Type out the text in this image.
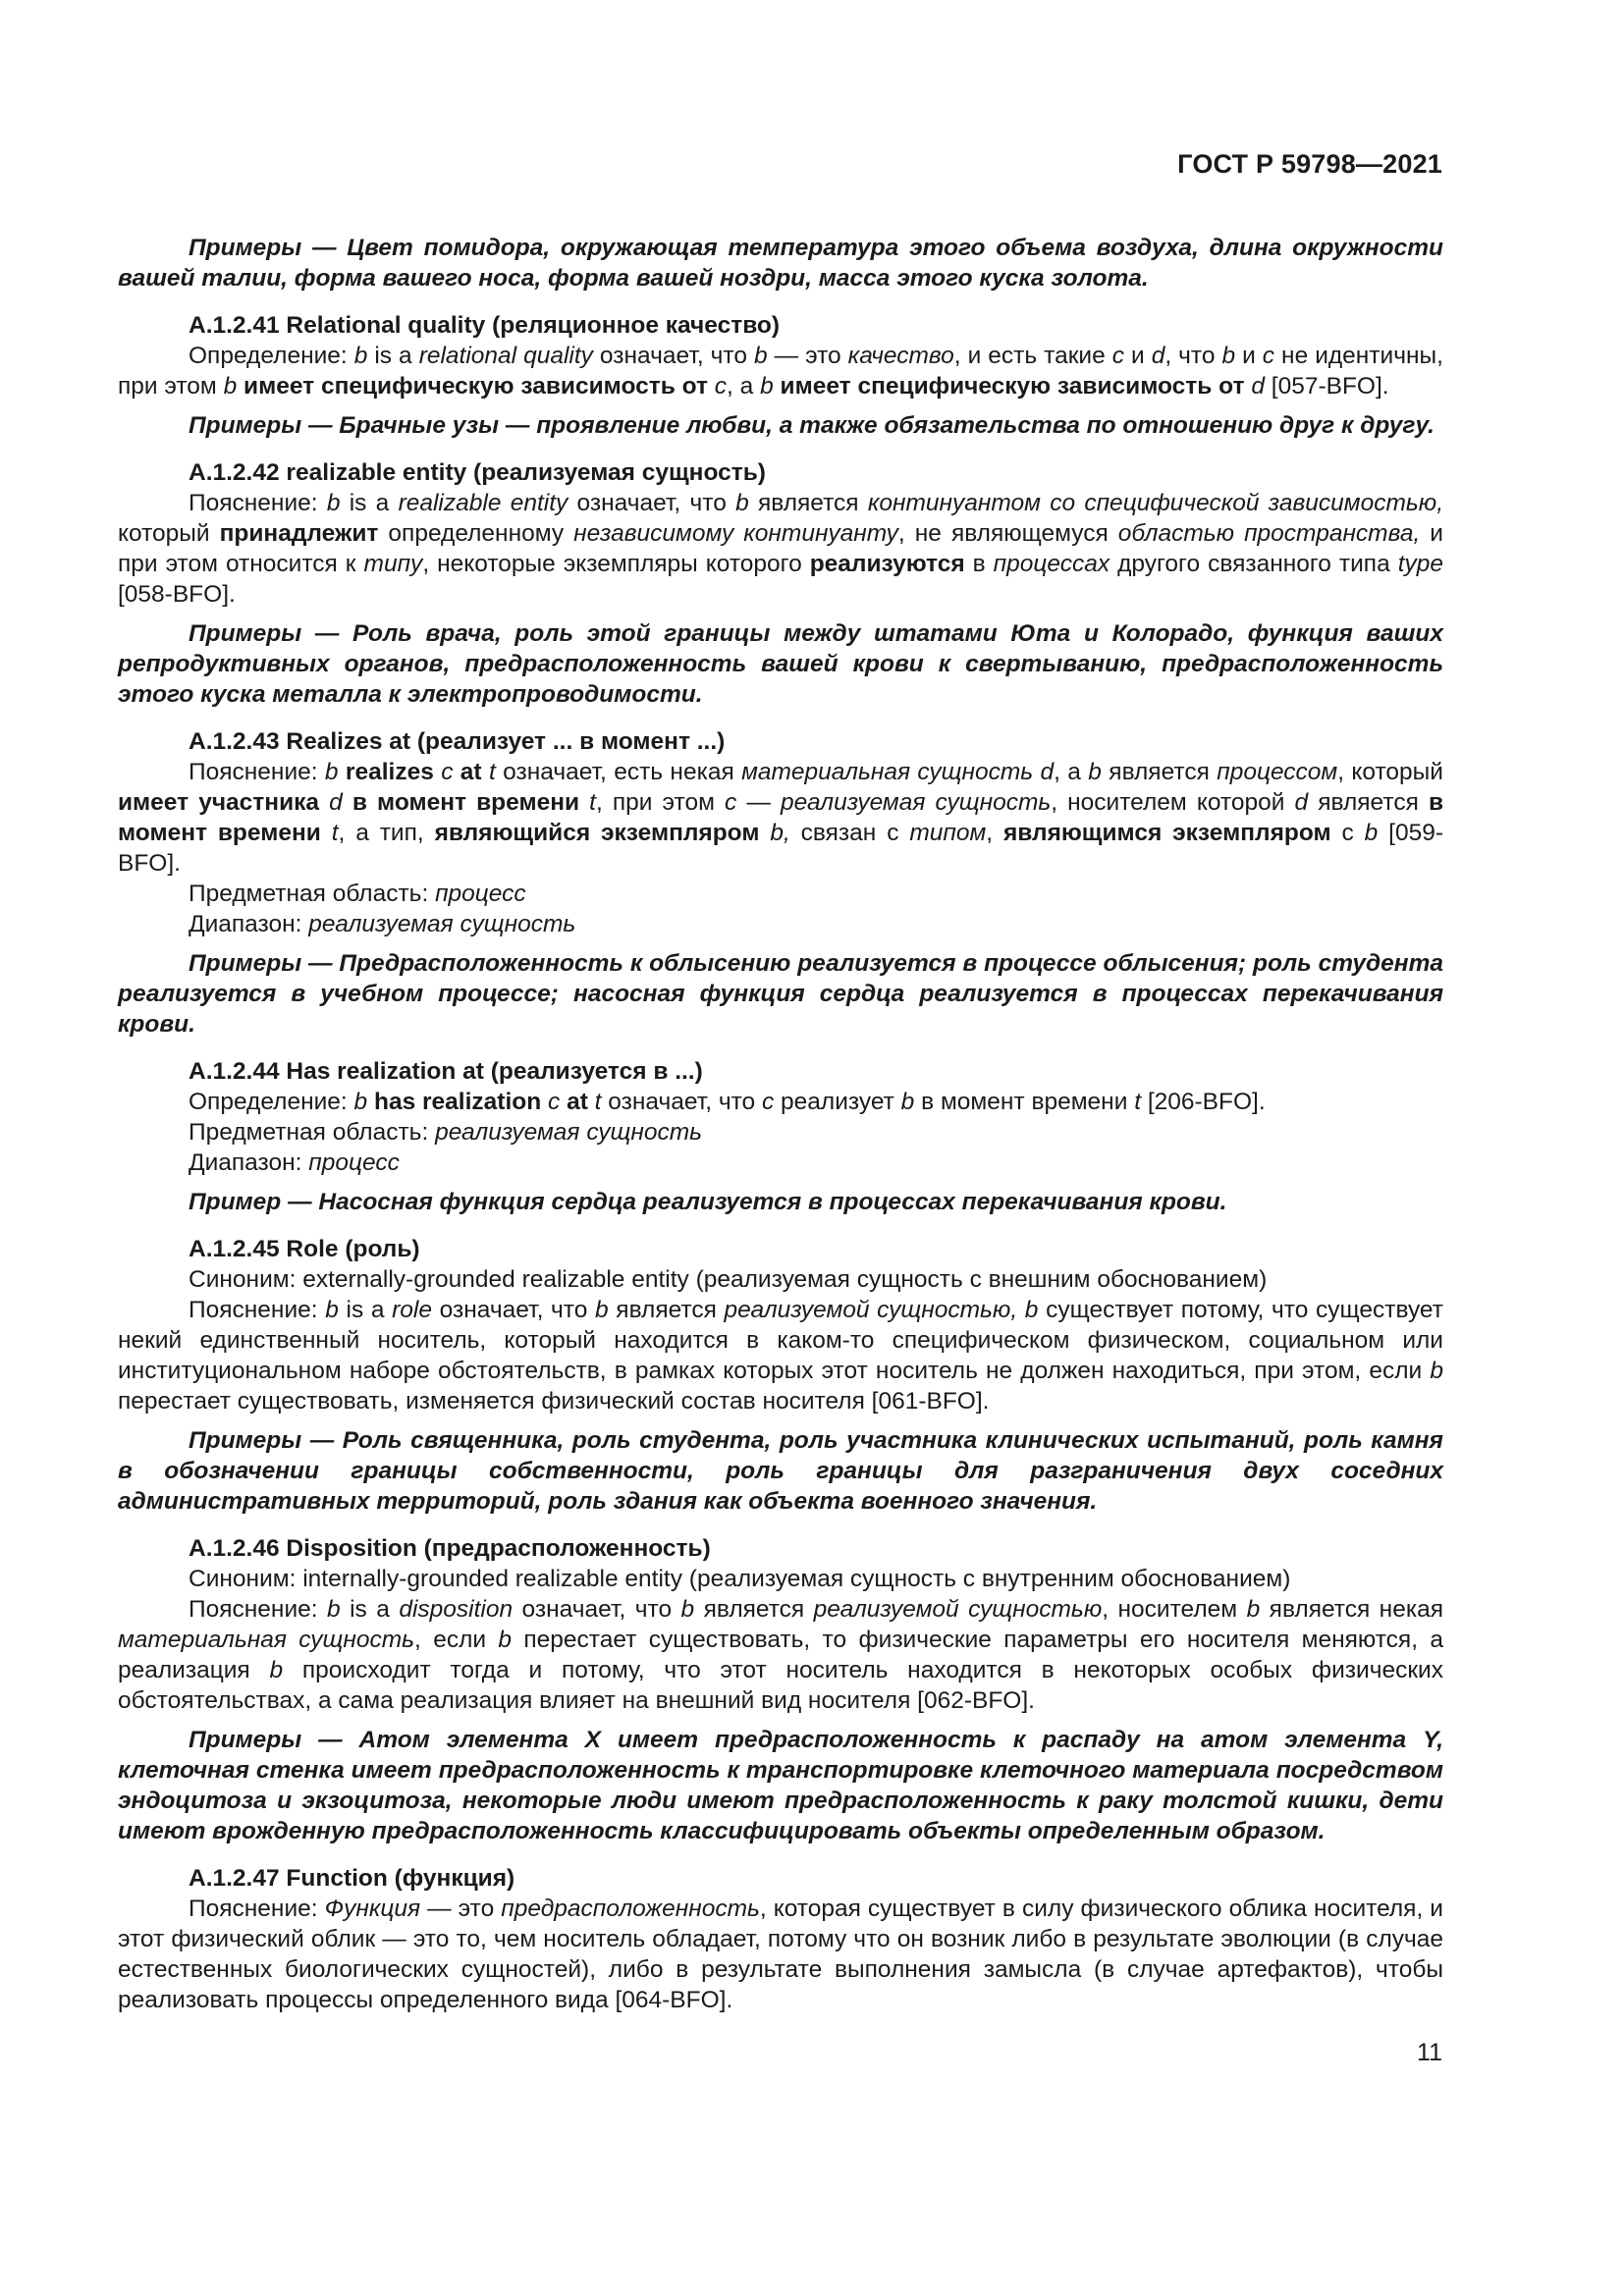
ГОСТ Р 59798—2021
Примеры — Цвет помидора, окружающая температура этого объема воздуха, длина окружности вашей талии, форма вашего носа, форма вашей ноздри, масса этого куска золота.
A.1.2.41 Relational quality (реляционное качество)
Определение: b is a relational quality означает, что b — это качество, и есть такие c и d, что b и c не идентичны, при этом b имеет специфическую зависимость от c, а b имеет специфическую зависимость от d [057-BFO].
Примеры — Брачные узы — проявление любви, а также обязательства по отношению друг к другу.
A.1.2.42 realizable entity (реализуемая сущность)
Пояснение: b is a realizable entity означает, что b является континуантом со специфической зависимостью, который принадлежит определенному независимому континуанту, не являющемуся областью пространства, и при этом относится к типу, некоторые экземпляры которого реализуются в процессах другого связанного типа type [058-BFO].
Примеры — Роль врача, роль этой границы между штатами Юта и Колорадо, функция ваших репродуктивных органов, предрасположенность вашей крови к свертыванию, предрасположенность этого куска металла к электропроводимости.
A.1.2.43 Realizes at (реализует ... в момент ...)
Пояснение: b realizes c at t означает, есть некая материальная сущность d, а b является процессом, который имеет участника d в момент времени t, при этом c — реализуемая сущность, носителем которой d является в момент времени t, а тип, являющийся экземпляром b, связан с типом, являющимся экземпляром с b [059-BFO].
Предметная область: процесс
Диапазон: реализуемая сущность
Примеры — Предрасположенность к облысению реализуется в процессе облысения; роль студента реализуется в учебном процессе; насосная функция сердца реализуется в процессах перекачивания крови.
A.1.2.44 Has realization at (реализуется в ...)
Определение: b has realization c at t означает, что c реализует b в момент времени t [206-BFO].
Предметная область: реализуемая сущность
Диапазон: процесс
Пример — Насосная функция сердца реализуется в процессах перекачивания крови.
A.1.2.45 Role (роль)
Синоним: externally-grounded realizable entity (реализуемая сущность с внешним обоснованием)
Пояснение: b is a role означает, что b является реализуемой сущностью, b существует потому, что существует некий единственный носитель, который находится в каком-то специфическом физическом, социальном или институциональном наборе обстоятельств, в рамках которых этот носитель не должен находиться, при этом, если b перестает существовать, изменяется физический состав носителя [061-BFO].
Примеры — Роль священника, роль студента, роль участника клинических испытаний, роль камня в обозначении границы собственности, роль границы для разграничения двух соседних административных территорий, роль здания как объекта военного значения.
A.1.2.46 Disposition (предрасположенность)
Синоним: internally-grounded realizable entity (реализуемая сущность с внутренним обоснованием)
Пояснение: b is a disposition означает, что b является реализуемой сущностью, носителем b является некая материальная сущность, если b перестает существовать, то физические параметры его носителя меняются, а реализация b происходит тогда и потому, что этот носитель находится в некоторых особых физических обстоятельствах, а сама реализация влияет на внешний вид носителя [062-BFO].
Примеры — Атом элемента X имеет предрасположенность к распаду на атом элемента Y, клеточная стенка имеет предрасположенность к транспортировке клеточного материала посредством эндоцитоза и экзоцитоза, некоторые люди имеют предрасположенность к раку толстой кишки, дети имеют врожденную предрасположенность классифицировать объекты определенным образом.
A.1.2.47 Function (функция)
Пояснение: Функция — это предрасположенность, которая существует в силу физического облика носителя, и этот физический облик — это то, чем носитель обладает, потому что он возник либо в результате эволюции (в случае естественных биологических сущностей), либо в результате выполнения замысла (в случае артефактов), чтобы реализовать процессы определенного вида [064-BFO].
11
